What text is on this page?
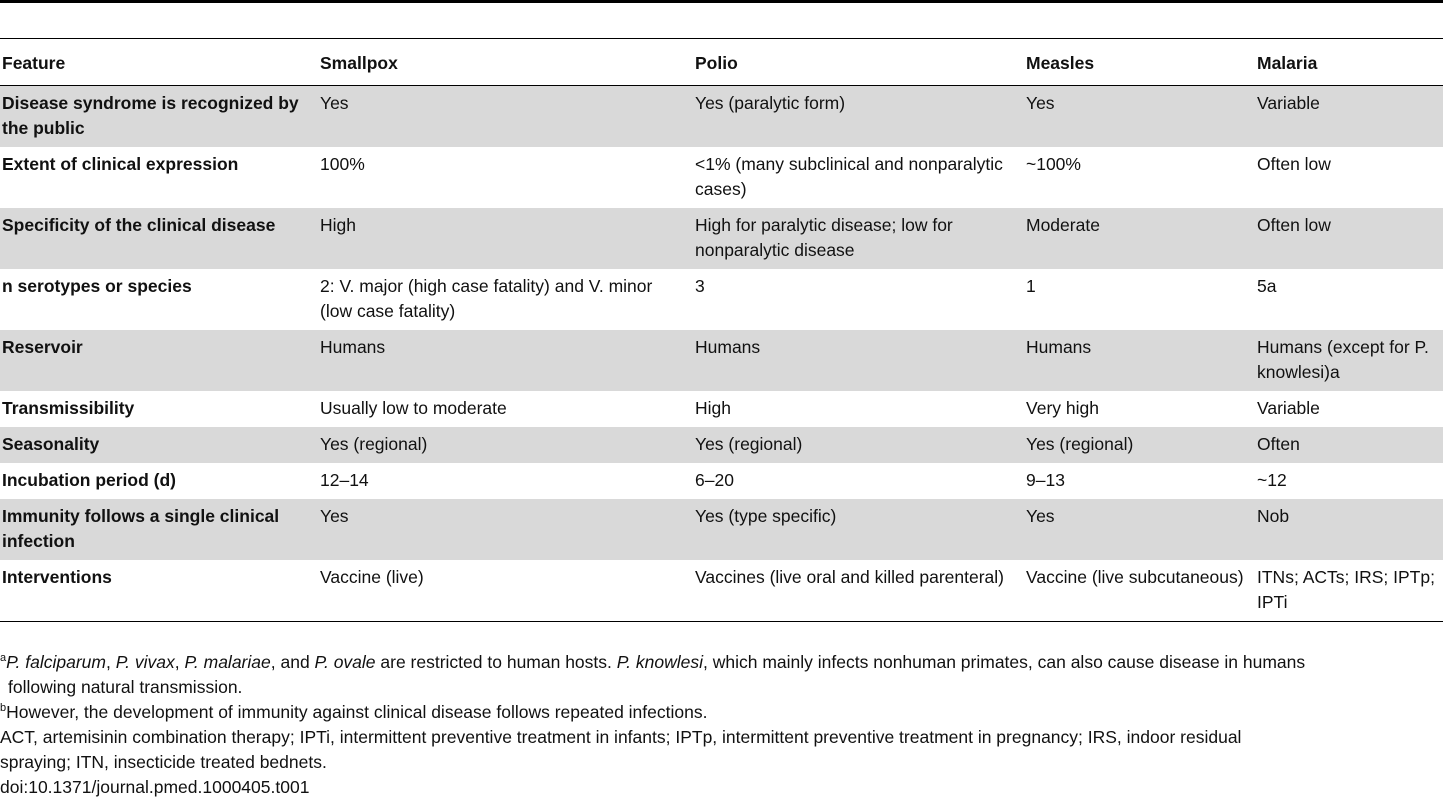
Feature	Smallpox	Polio	Measles	Malaria
Disease syndrome is recognized by the public	Yes	Yes (paralytic form)	Yes	Variable
Extent of clinical expression	100%	<1% (many subclinical and nonparalytic cases)	~100%	Often low
Specificity of the clinical disease	High	High for paralytic disease; low for nonparalytic disease	Moderate	Often low
n serotypes or species	2: V. major (high case fatality) and V. minor (low case fatality)	3	1	5a
Reservoir	Humans	Humans	Humans	Humans (except for P. knowlesi)a
Transmissibility	Usually low to moderate	High	Very high	Variable
Seasonality	Yes (regional)	Yes (regional)	Yes (regional)	Often
Incubation period (d)	12–14	6–20	9–13	~12
Immunity follows a single clinical infection	Yes	Yes (type specific)	Yes	Nob
Interventions	Vaccine (live)	Vaccines (live oral and killed parenteral)	Vaccine (live subcutaneous)	ITNs; ACTs; IRS; IPTp; IPTi
$^a$P. falciparum, P. vivax, P. malariae, and P. ovale are restricted to human hosts. P. knowlesi, which mainly infects nonhuman primates, can also cause disease in humans
following natural transmission.
$^b$However, the development of immunity against clinical disease follows repeated infections.
ACT, artemisinin combination therapy; IPTi, intermittent preventive treatment in infants; IPTp, intermittent preventive treatment in pregnancy; IRS, indoor residual
spraying; ITN, insecticide treated bednets.
doi:10.1371/journal.pmed.1000405.t001
